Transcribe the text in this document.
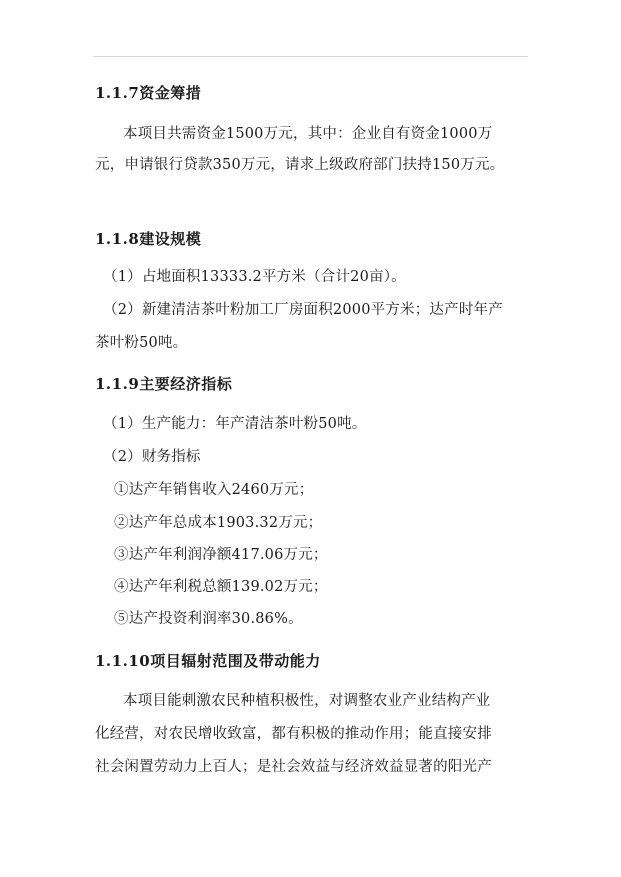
1.1.7资金筹措
本项目共需资金1500万元，其中：企业自有资金1000万
元，申请银行贷款350万元，请求上级政府部门扶持150万元。
1.1.8建设规模
（1）占地面积13333.2平方米（合计20亩）。
（2）新建清洁茶叶粉加工厂房面积2000平方米；达产时年产
茶叶粉50吨。
1.1.9主要经济指标
（1）生产能力：年产清洁茶叶粉50吨。
（2）财务指标
①达产年销售收入2460万元；
②达产年总成本1903.32万元；
③达产年利润净额417.06万元；
④达产年利税总额139.02万元；
⑤达产投资利润率30.86%。
1.1.10项目辐射范围及带动能力
本项目能刺激农民种植积极性，对调整农业产业结构产业
化经营，对农民增收致富，都有积极的推动作用；能直接安排
社会闲置劳动力上百人；是社会效益与经济效益显著的阳光产
